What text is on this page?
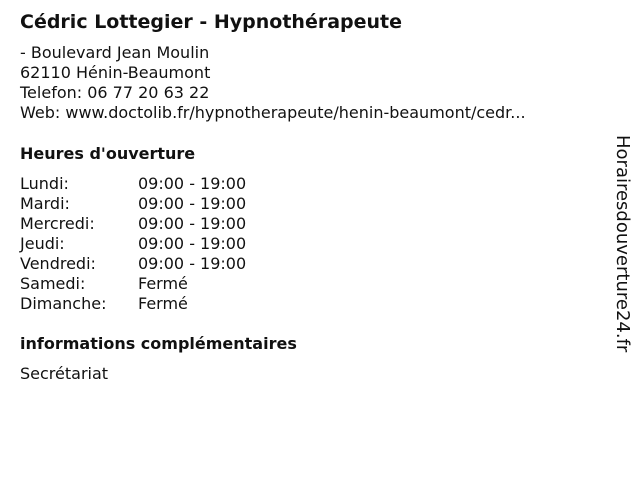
Cédric Lottegier - Hypnothérapeute
- Boulevard Jean Moulin
62110 Hénin-Beaumont
Telefon: 06 77 20 63 22
Web: www.doctolib.fr/hypnotherapeute/henin-beaumont/cedr...
Heures d'ouverture
Lundi:	09:00 - 19:00
Mardi:	09:00 - 19:00
Mercredi:	09:00 - 19:00
Jeudi:	09:00 - 19:00
Vendredi:	09:00 - 19:00
Samedi:	Fermé
Dimanche: Fermé
informations complémentaires
Secrétariat
Horairesdouverture24.fr
